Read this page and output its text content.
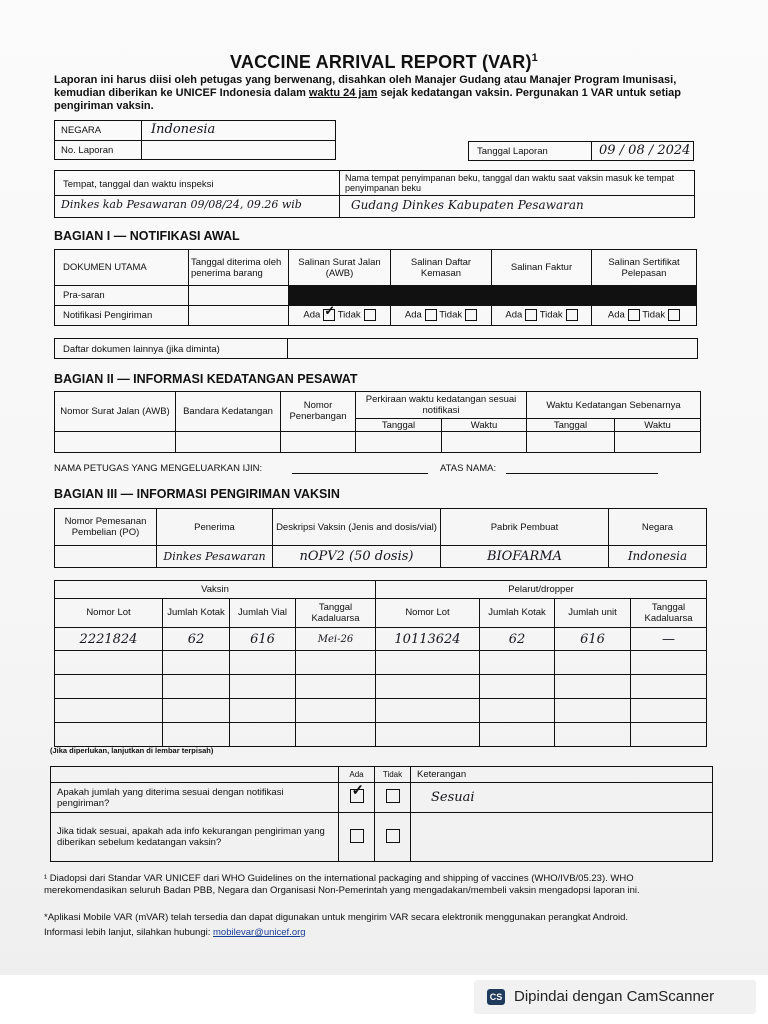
VACCINE ARRIVAL REPORT (VAR)$^1$
Laporan ini harus diisi oleh petugas yang berwenang, disahkan oleh Manajer Gudang atau Manajer Program Imunisasi, kemudian diberikan ke UNICEF Indonesia dalam waktu 24 jam sejak kedatangan vaksin. Pergunakan 1 VAR untuk setiap pengiriman vaksin.
NEGARA	Indonesia
No. Laporan	Tanggal Laporan	09 / 08 / 2024
Tempat, tanggal dan waktu inspeksi
Nama tempat penyimpanan beku, tanggal dan waktu saat vaksin masuk ke tempat penyimpanan beku
Dinkes kab Pesawaran 09/08/24, 09.26 wib	Gudang Dinkes Kabupaten Pesawaran
BAGIAN I — NOTIFIKASI AWAL
DOKUMEN UTAMA	Tanggal diterima oleh penerima barang	Salinan Surat Jalan (AWB)	Salinan Daftar Kemasan	Salinan Faktur	Salinan Sertifikat Pelepasan
Pra-saran					
Notifikasi Pengiriman		Ada ✓ Tidak	Ada Tidak	Ada Tidak	Ada Tidak
Daftar dokumen lainnya (jika diminta)
BAGIAN II — INFORMASI KEDATANGAN PESAWAT
Nomor Surat Jalan (AWB)	Bandara Kedatangan	Nomor Penerbangan	Perkiraan waktu kedatangan sesuai notifikasi		Waktu Kedatangan Sebenarnya	
			Tanggal	Waktu	Tanggal	Waktu

NAMA PETUGAS YANG MENGELUARKAN IJIN:	ATAS NAMA:
BAGIAN III — INFORMASI PENGIRIMAN VAKSIN
Nomor Pemesanan Pembelian (PO)	Penerima	Deskripsi Vaksin (Jenis and dosis/vial)	Pabrik Pembuat	Negara
	Dinkes Pesawaran	nOPV2 (50 dosis)	BIOFARMA	Indonesia
Vaksin				Pelarut/dropper			
Nomor Lot	Jumlah Kotak	Jumlah Vial	Tanggal Kadaluarsa	Nomor Lot	Jumlah Kotak	Jumlah unit	Tanggal Kadaluarsa
2221824	62	616	Mei-26	10113624	62	616	—

(Jika diperlukan, lanjutkan di lembar terpisah)
	Ada	Tidak	Keterangan
Apakah jumlah yang diterima sesuai dengan notifikasi pengiriman?	✓		Sesuai
Jika tidak sesuai, apakah ada info kekurangan pengiriman yang diberikan sebelum kedatangan vaksin?			
¹ Diadopsi dari Standar VAR UNICEF dari WHO Guidelines on the international packaging and shipping of vaccines (WHO/IVB/05.23). WHO merekomendasikan seluruh Badan PBB, Negara dan Organisasi Non-Pemerintah yang mengadakan/membeli vaksin mengadopsi laporan ini.
*Aplikasi Mobile VAR (mVAR) telah tersedia dan dapat digunakan untuk mengirim VAR secara elektronik menggunakan perangkat Android.
Informasi lebih lanjut, silahkan hubungi: mobilevar@unicef.org
CS Dipindai dengan CamScanner
